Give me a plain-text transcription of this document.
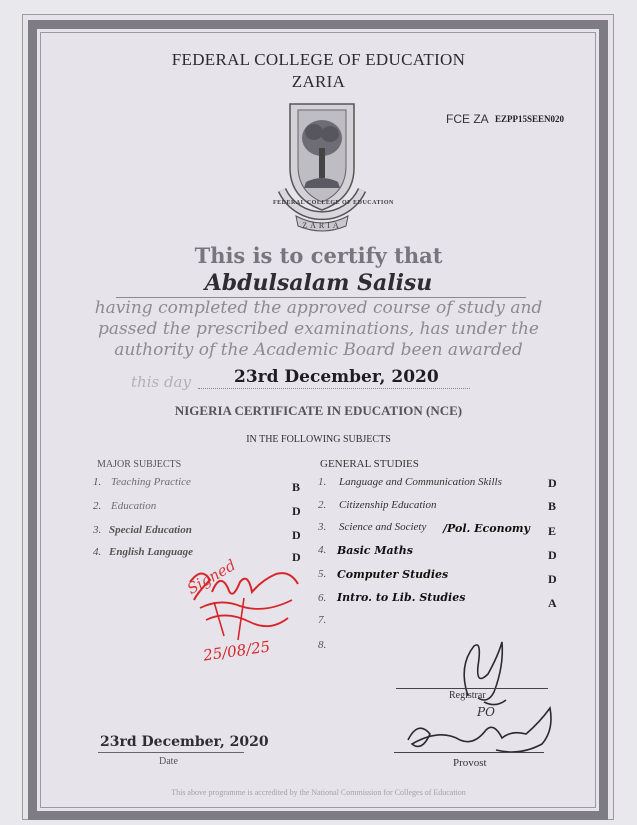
FEDERAL COLLEGE OF EDUCATION
ZARIA
FCE ZA EZPP15SEEN020
FEDERAL COLLEGE OF EDUCATION
ZARIA
This is to certify that
Abdulsalam Salisu
having completed the approved course of study and
passed the prescribed examinations, has under the
authority of the Academic Board been awarded
this day	23rd December, 2020
NIGERIA CERTIFICATE IN EDUCATION (NCE)
IN THE FOLLOWING SUBJECTS
MAJOR SUBJECTS
1. Teaching Practice	B
2. Education	D
3. Special Education	D
4. English Language	D
GENERAL STUDIES
1. Language and Communication Skills	D
2. Citizenship Education	B
3. Science and Society /Pol. Economy E
4. Basic Maths	D
5. Computer Studies	D
6. Intro. to Lib. Studies	A
7.
8.
Signed
25/08/25
Registrar
PO
Provost
23rd December, 2020
Date
This above programme is accredited by the National Commission for Colleges of Education
